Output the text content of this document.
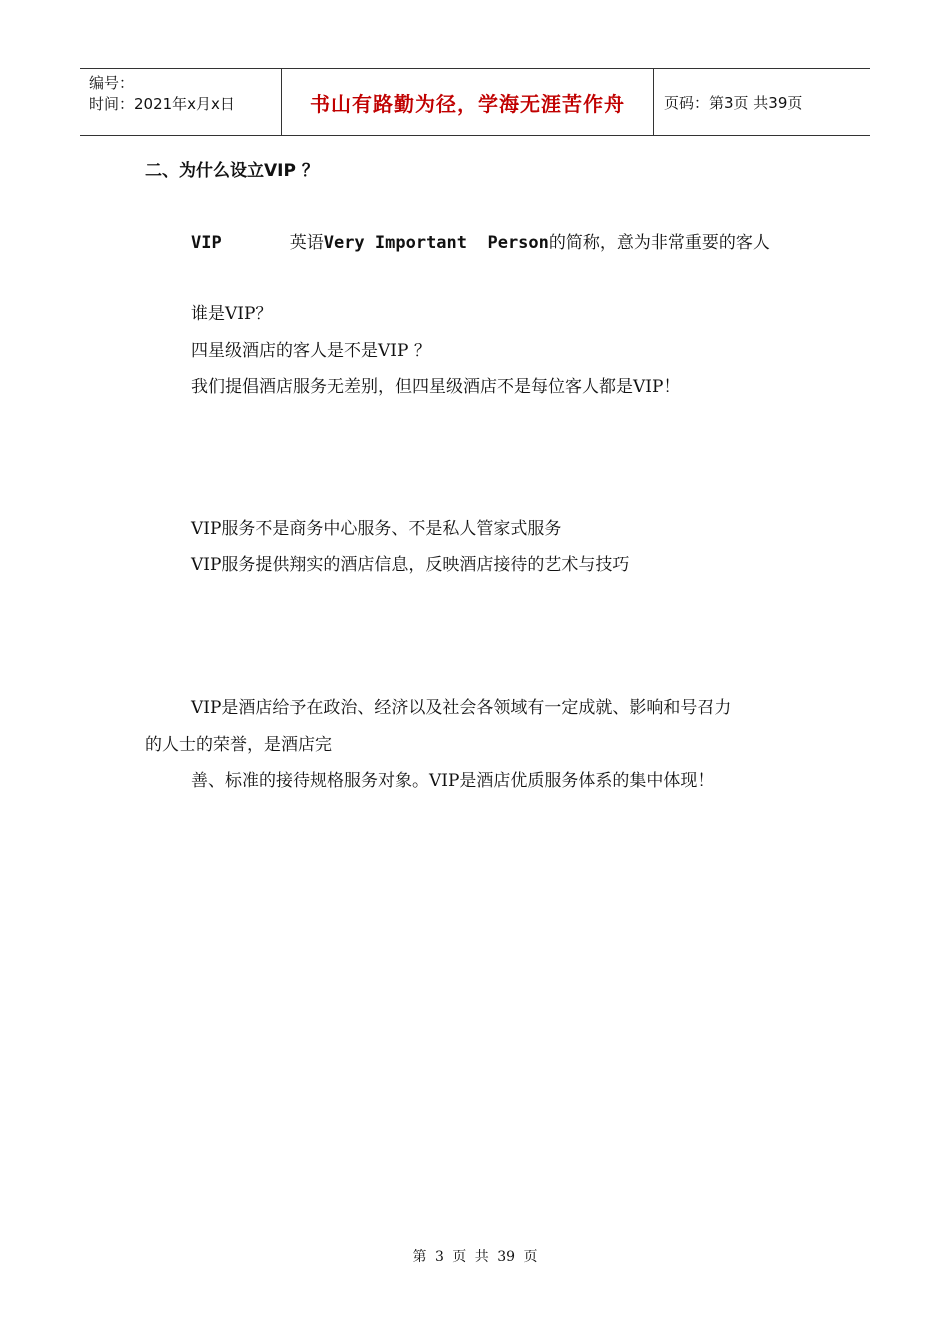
编号：
时间：2021年x月x日	书山有路勤为径，学海无涯苦作舟	页码：第3页 共39页
二、为什么设立VIP ？
VIP	英语Very Important  Person的简称，意为非常重要的客人
谁是VIP？
四星级酒店的客人是不是VIP ？
我们提倡酒店服务无差别，但四星级酒店不是每位客人都是VIP！
VIP服务不是商务中心服务、不是私人管家式服务
VIP服务提供翔实的酒店信息，反映酒店接待的艺术与技巧
VIP是酒店给予在政治、经济以及社会各领域有一定成就、影响和号召力
的人士的荣誉，是酒店完
善、标准的接待规格服务对象。VIP是酒店优质服务体系的集中体现！
第 3 页 共 39 页
